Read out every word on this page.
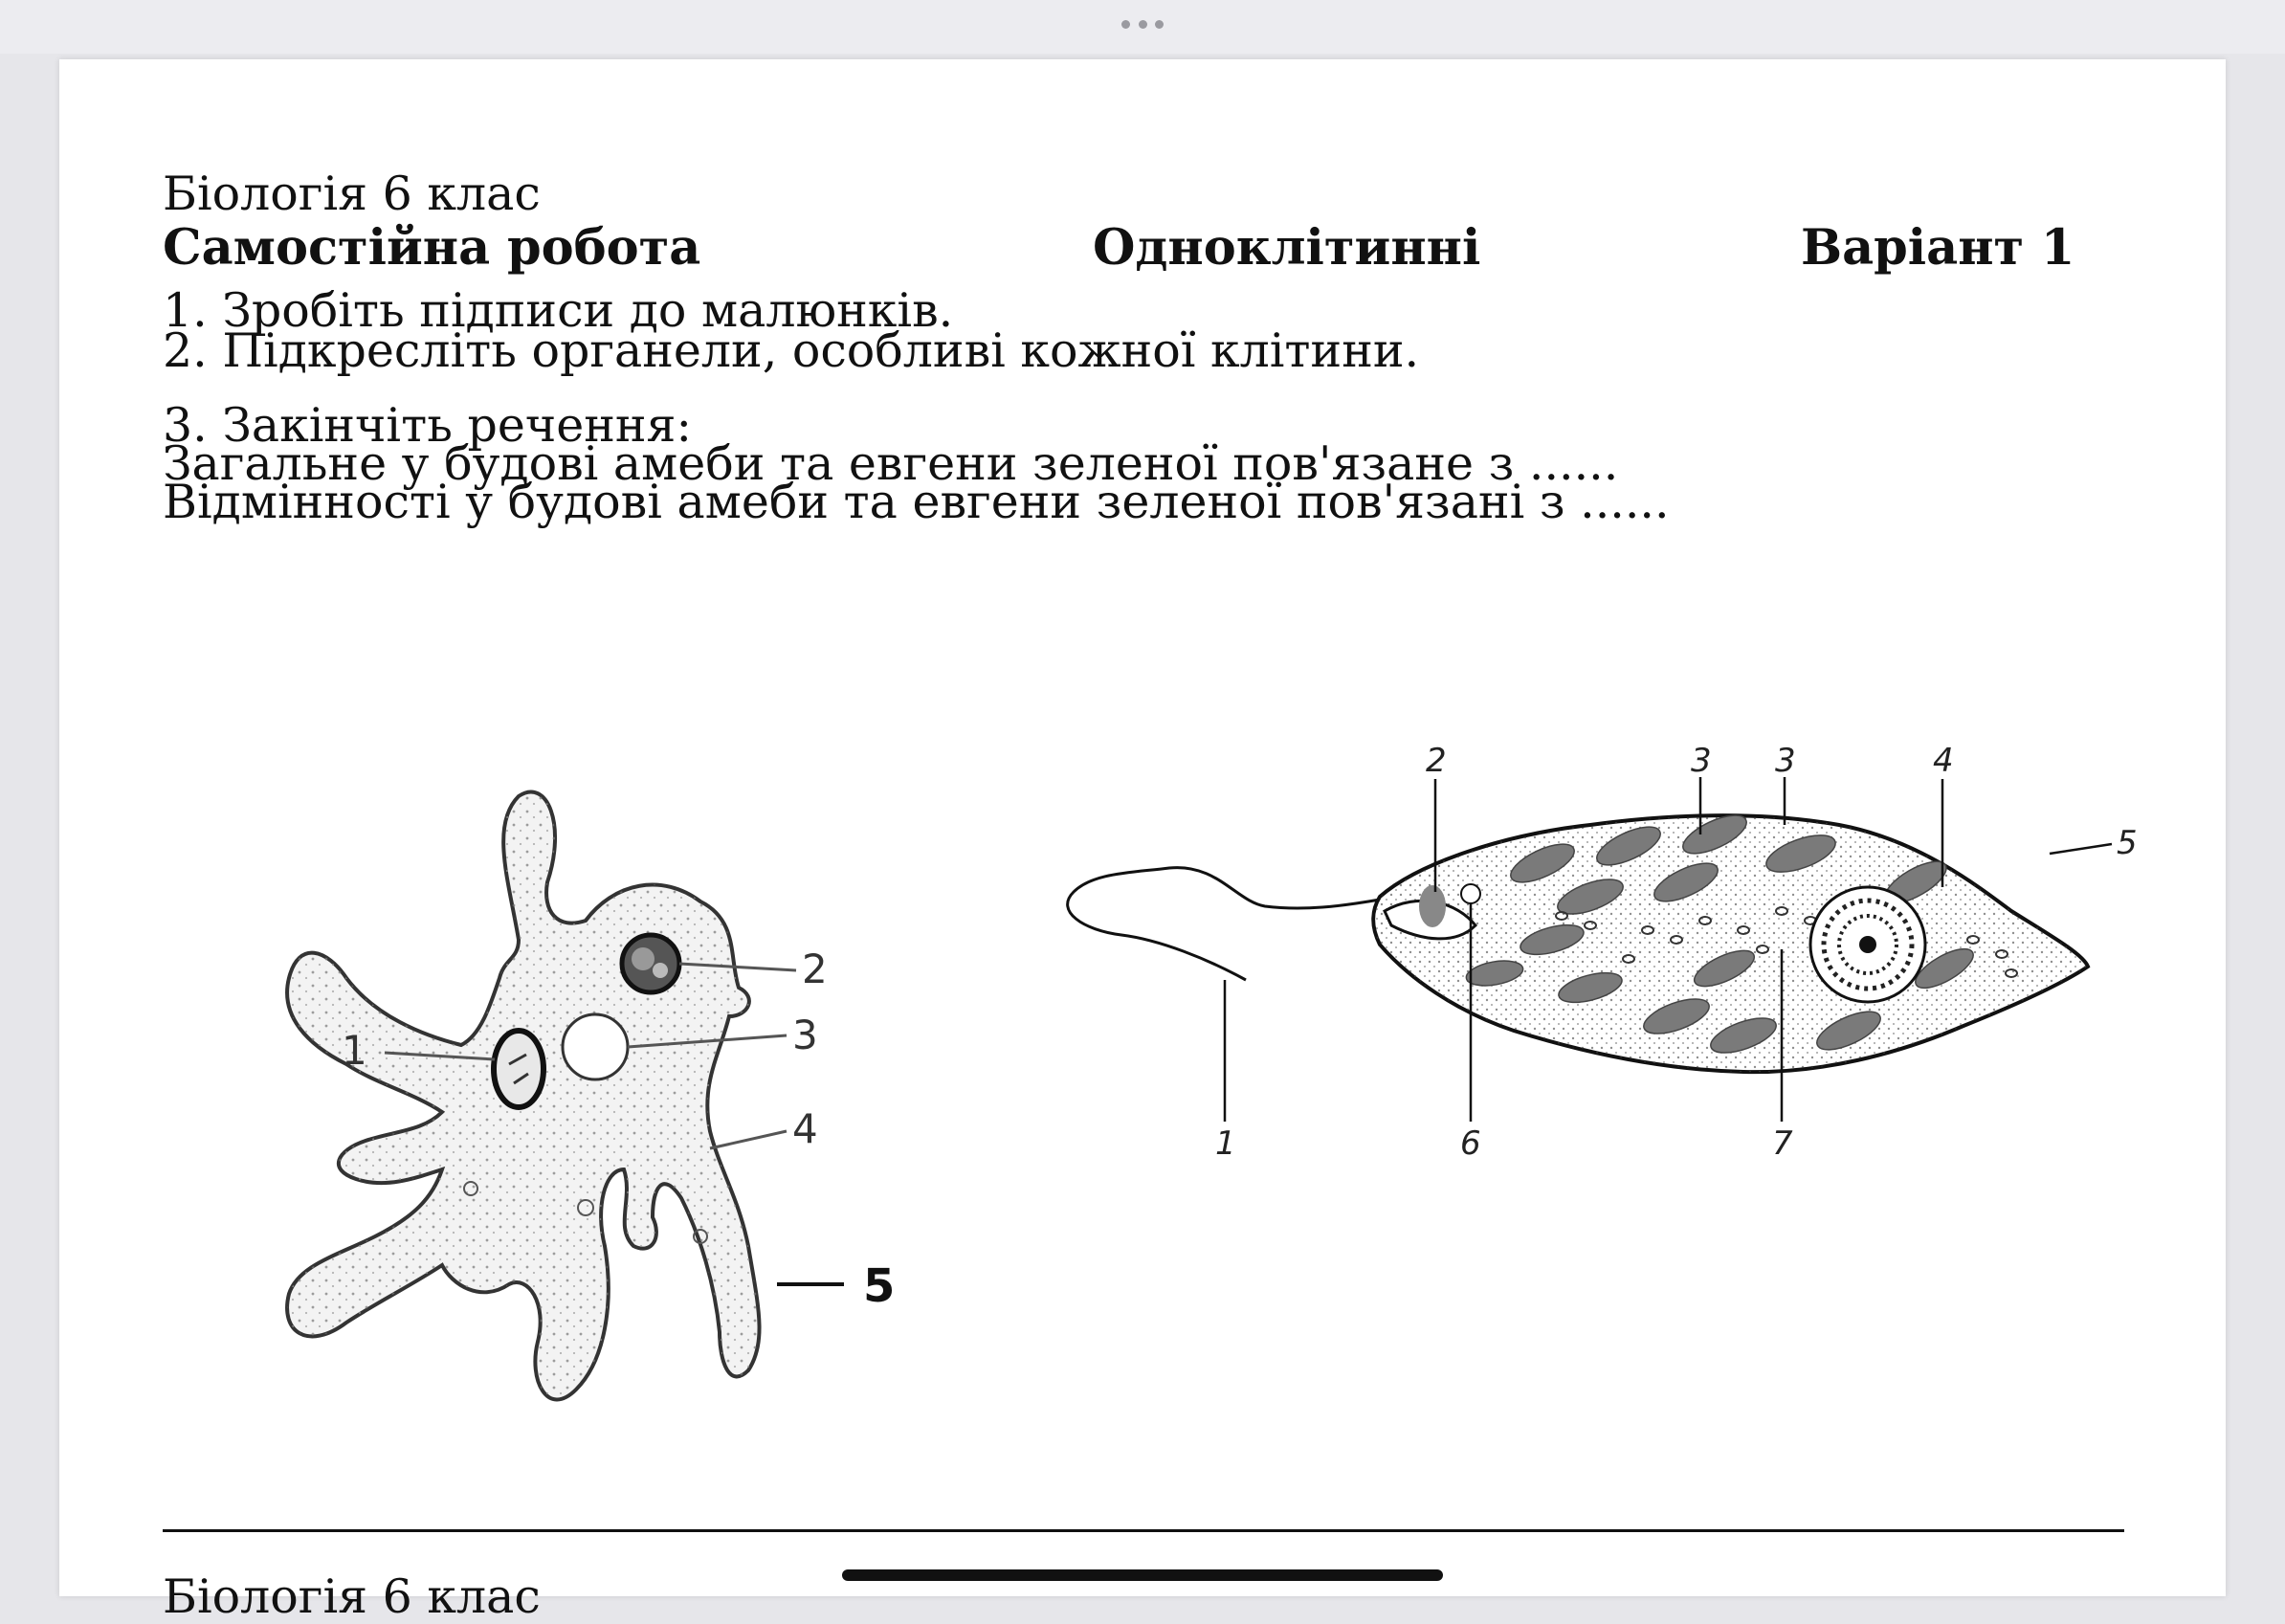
Біологія 6 клас
Самостійна робота	Одноклітинні	Варіант 1
1. Зробіть підписи до малюнків.
2. Підкресліть органели, особливі кожної клітини.
3. Закінчіть речення:
Загальне у будові амеби та евгени зеленої пов'язане з ......
Відмінності у будові амеби та евгени зеленої пов'язані з ......
1
2
3
4
5
2	3 3	4
5
1	6	7
Біологія 6 клас
